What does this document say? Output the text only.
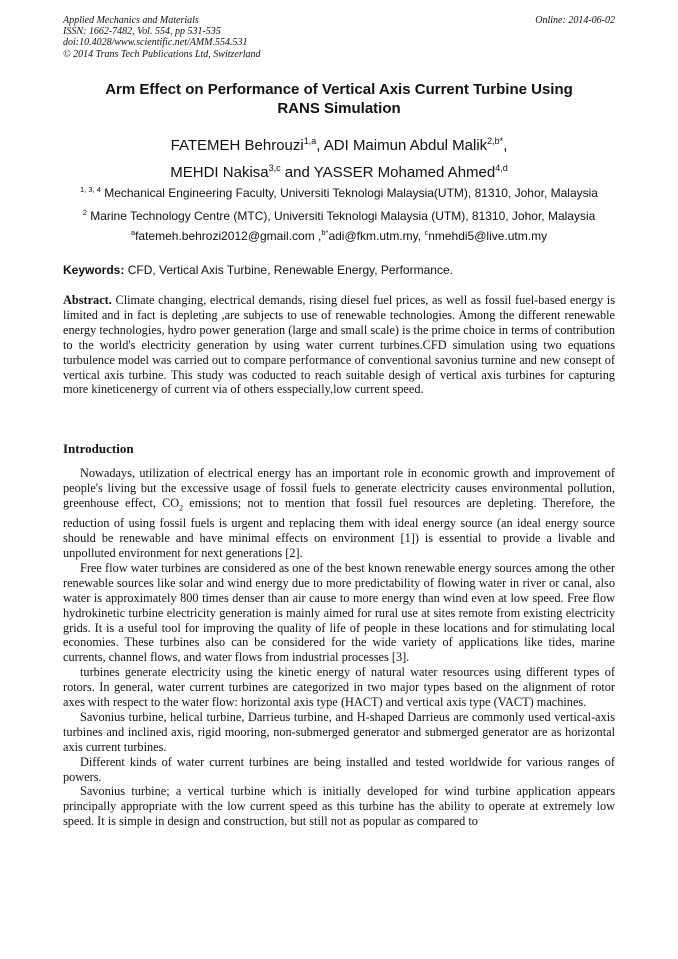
Applied Mechanics and Materials
ISSN: 1662-7482, Vol. 554, pp 531-535
doi:10.4028/www.scientific.net/AMM.554.531
© 2014 Trans Tech Publications Ltd, Switzerland
Online: 2014-06-02
Arm Effect on Performance of Vertical Axis Current Turbine Using
RANS Simulation
FATEMEH Behrouzi$^{1,a}$, ADI Maimun Abdul Malik$^{2,b*}$,
MEHDI Nakisa$^{3,c}$ and YASSER Mohamed Ahmed$^{4,d}$
$^{1, 3, 4}$ Mechanical Engineering Faculty, Universiti Teknologi Malaysia(UTM), 81310, Johor, Malaysia
$^2$ Marine Technology Centre (MTC), Universiti Teknologi Malaysia (UTM), 81310, Johor, Malaysia
$^a$fatemeh.behrozi2012@gmail.com ,$^{b*}$adi@fkm.utm.my, $^c$nmehdi5@live.utm.my
Keywords: CFD, Vertical Axis Turbine, Renewable Energy, Performance.
Abstract. Climate changing, electrical demands, rising diesel fuel prices, as well as fossil fuel-based energy is limited and in fact is depleting ,are subjects to use of renewable technologies. Among the different renewable energy technologies, hydro power generation (large and small scale) is the prime choice in terms of contribution to the world's electricity generation by using water current turbines.CFD simulation using two equations turbulence model was carried out to compare performance of conventional savonius turnine and new consept of vertical axis turbine. This study was coducted to reach suitable desigh of vertical axis turbines for capturing more kineticenergy of current via of others esspecially,low current speed.
Introduction

Nowadays, utilization of electrical energy has an important role in economic growth and improvement of people's living but the excessive usage of fossil fuels to generate electricity causes environmental pollution, greenhouse effect, $CO_2$ emissions; not to mention that fossil fuel resources are depleting. Therefore, the reduction of using fossil fuels is urgent and replacing them with ideal energy source (an ideal energy source should be renewable and have minimal effects on environment [1]) is essential to provide a livable and unpolluted environment for next generations [2].

Free flow water turbines are considered as one of the best known renewable energy sources among the other renewable sources like solar and wind energy due to more predictability of flowing water in river or canal, also water is approximately 800 times denser than air cause to more energy than wind even at low speed. Free flow hydrokinetic turbine electricity generation is mainly aimed for rural use at sites remote from existing electricity grids. It is a useful tool for improving the quality of life of people in these locations and for stimulating local economies. These turbines also can be considered for the wide variety of applications like tides, marine currents, channel flows, and water flows from industrial processes [3].

turbines generate electricity using the kinetic energy of natural water resources using different types of rotors. In general, water current turbines are categorized in two major types based on the alignment of rotor axes with respect to the water flow: horizontal axis type (HACT) and vertical axis type (VACT) machines.

Savonius turbine, helical turbine, Darrieus turbine, and H-shaped Darrieus are commonly used vertical-axis turbines and inclined axis, rigid mooring, non-submerged generator and submerged generator are as horizontal axis current turbines.

Different kinds of water current turbines are being installed and tested worldwide for various ranges of powers.

Savonius turbine; a vertical turbine which is initially developed for wind turbine application appears principally appropriate with the low current speed as this turbine has the ability to operate at extremely low speed. It is simple in design and construction, but still not as popular as compared to
